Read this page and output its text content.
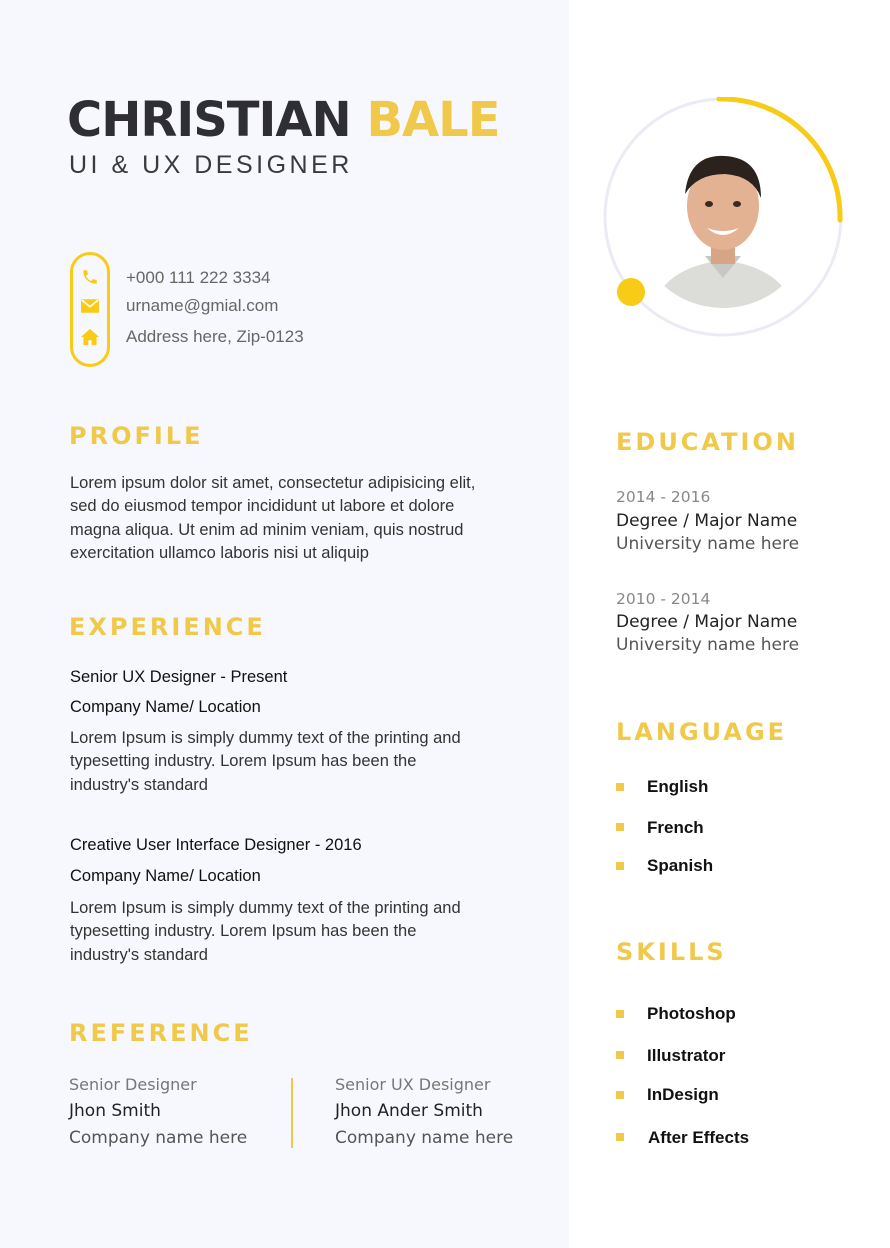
CHRISTIAN BALE
UI & UX DESIGNER
+000 111 222 3334
urname@gmial.com
Address here, Zip-0123
PROFILE
Lorem ipsum dolor sit amet, consectetur adipisicing elit,
sed do eiusmod tempor incididunt ut labore et dolore
magna aliqua. Ut enim ad minim veniam, quis nostrud
exercitation ullamco laboris nisi ut aliquip
EXPERIENCE
Senior UX Designer - Present
Company Name/ Location
Lorem Ipsum is simply dummy text of the printing and
typesetting industry. Lorem Ipsum has been the
industry's standard
Creative User Interface Designer - 2016
Company Name/ Location
Lorem Ipsum is simply dummy text of the printing and
typesetting industry. Lorem Ipsum has been the
industry's standard
REFERENCE
Senior Designer
Jhon Smith
Company name here
Senior UX Designer
Jhon Ander Smith
Company name here
EDUCATION
2014 - 2016
Degree / Major Name
University name here
2010 - 2014
Degree / Major Name
University name here
LANGUAGE
English
French
Spanish
SKILLS
Photoshop
Illustrator
InDesign
After Effects
